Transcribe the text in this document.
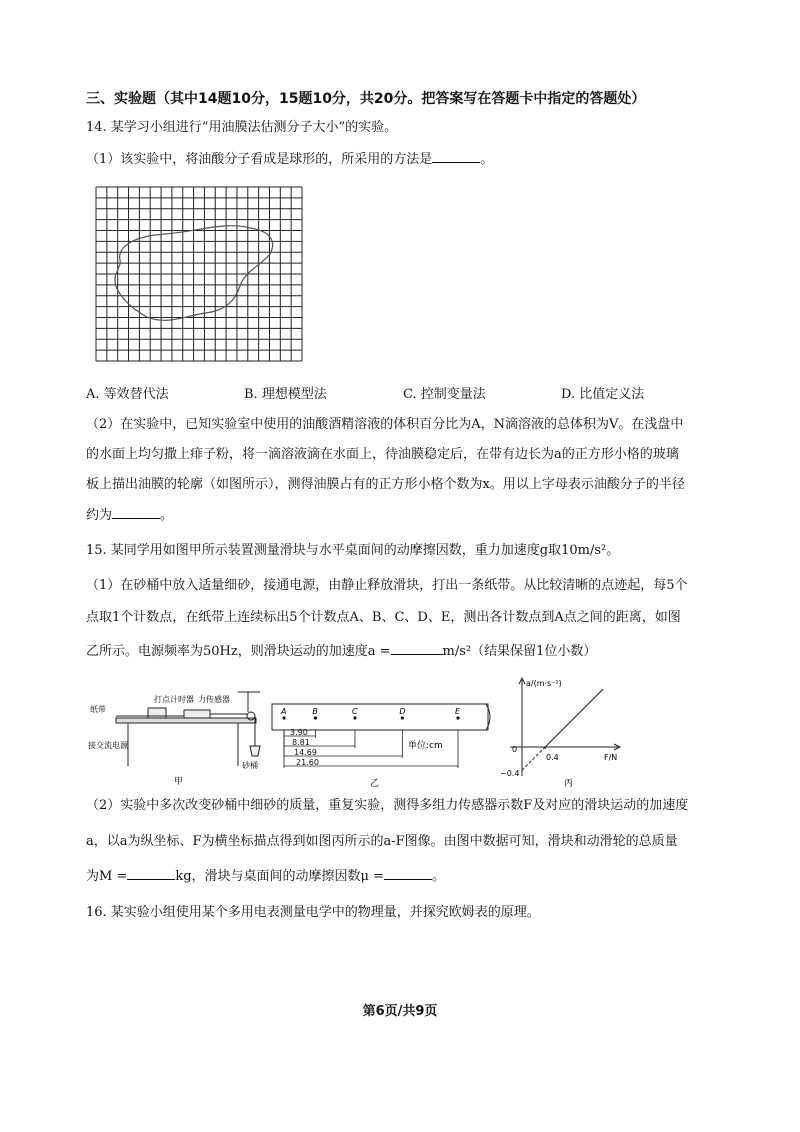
三、实验题（其中14题10分，15题10分，共20分。把答案写在答题卡中指定的答题处）
14. 某学习小组进行“用油膜法估测分子大小”的实验。
（1）该实验中，将油酸分子看成是球形的，所采用的方法是	。
A. 等效替代法	B. 理想模型法	C. 控制变量法	D. 比值定义法
（2）在实验中，已知实验室中使用的油酸酒精溶液的体积百分比为A，N滴溶液的总体积为V。在浅盘中
的水面上均匀撒上痱子粉，将一滴溶液滴在水面上，待油膜稳定后，在带有边长为a的正方形小格的玻璃
板上描出油膜的轮廓（如图所示），测得油膜占有的正方形小格个数为x。用以上字母表示油酸分子的半径
约为	。
15. 某同学用如图甲所示装置测量滑块与水平桌面间的动摩擦因数，重力加速度g取10m/s²。
（1）在砂桶中放入适量细砂，接通电源，由静止释放滑块，打出一条纸带。从比较清晰的点迹起，每5个
点取1个计数点，在纸带上连续标出5个计数点A、B、C、D、E，测出各计数点到A点之间的距离，如图
乙所示。电源频率为50Hz，则滑块运动的加速度a =	m/s²（结果保留1位小数）
打点计时器 力传感器
纸带
接交流电源
砂桶
甲
A	B	C	D	E
3.90
8.81
14.69
21.60
单位:cm
乙
a/(m·s⁻²)
F/N
0
0.4
−0.4
丙
（2）实验中多次改变砂桶中细砂的质量，重复实验，测得多组力传感器示数F及对应的滑块运动的加速度
a，以a为纵坐标、F为横坐标描点得到如图丙所示的a-F图像。由图中数据可知，滑块和动滑轮的总质量
为M =	kg，滑块与桌面间的动摩擦因数μ =	。
16. 某实验小组使用某个多用电表测量电学中的物理量，并探究欧姆表的原理。
第6页/共9页
